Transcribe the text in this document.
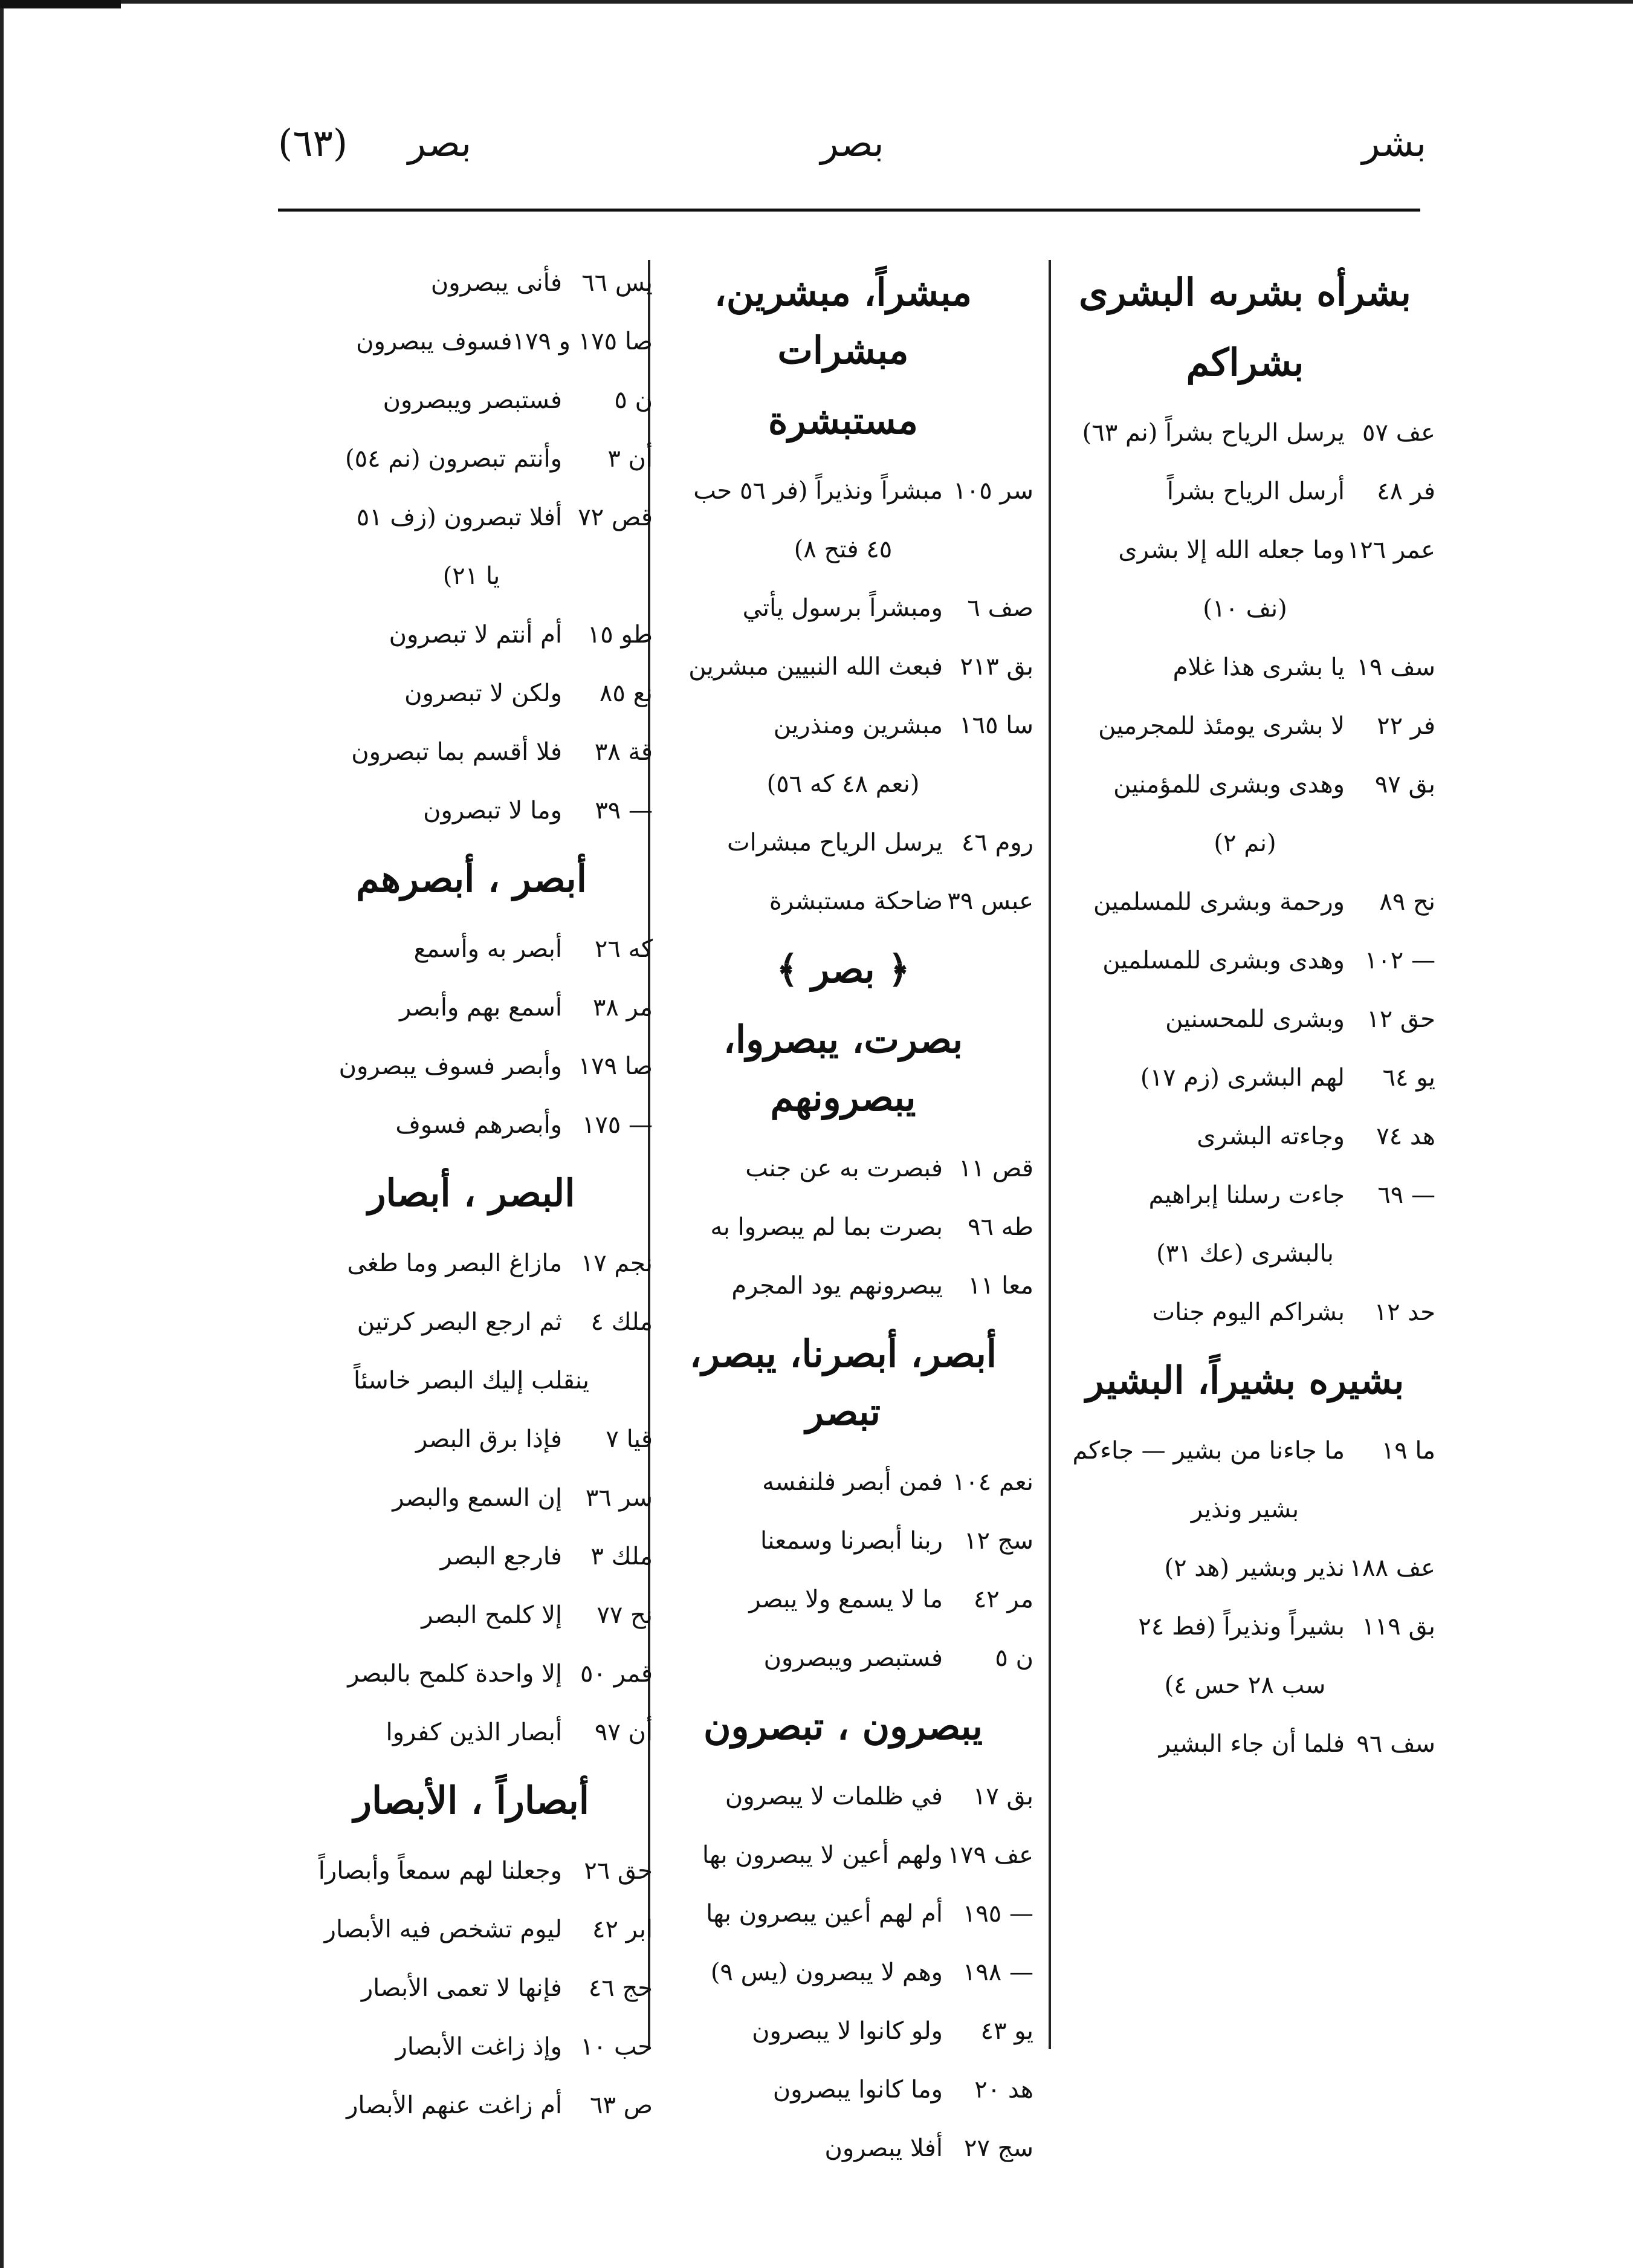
بشر
بصر
بصر (٦٣)
بشرأه بشرىه البشرى
بشراكم
عف ٥٧
يرسل الرياح بشراً (نم ٦٣)
فر ٤٨
أرسل الرياح بشراً
عمر ١٢٦
وما جعله الله إلا بشرى
(نف ١٠)
سف ١٩
يا بشرى هذا غلام
فر ٢٢
لا بشرى يومئذ للمجرمين
بق ٩٧
وهدى وبشرى للمؤمنين
(نم ٢)
نح ٨٩
ورحمة وبشرى للمسلمين
— ١٠٢
وهدى وبشرى للمسلمين
حق ١٢
وبشرى للمحسنين
يو ٦٤
لهم البشرى (زم ١٧)
هد ٧٤
وجاءته البشرى
— ٦٩
جاءت رسلنا إبراهيم
بالبشرى (عك ٣١)
حد ١٢
بشراكم اليوم جنات
بشيره بشيراً، البشير
ما ١٩
ما جاءنا من بشير — جاءكم
بشير ونذير
عف ١٨٨
نذير وبشير (هد ٢)
بق ١١٩
بشيراً ونذيراً (فط ٢٤
سب ٢٨ حس ٤)
سف ٩٦
فلما أن جاء البشير
مبشراً، مبشرين، مبشرات
مستبشرة
سر ١٠٥
مبشراً ونذيراً (فر ٥٦ حب
٤٥ فتح ٨)
صف ٦
ومبشراً برسول يأتي
بق ٢١٣
فبعث الله النبيين مبشرين
سا ١٦٥
مبشرين ومنذرين
(نعم ٤٨ كه ٥٦)
روم ٤٦
يرسل الرياح مبشرات
عبس ٣٩
ضاحكة مستبشرة
﴿ بصر ﴾
بصرت، يبصروا، يبصرونهم
قص ١١
فبصرت به عن جنب
طه ٩٦
بصرت بما لم يبصروا به
معا ١١
يبصرونهم يود المجرم
أبصر، أبصرنا، يبصر، تبصر
نعم ١٠٤
فمن أبصر فلنفسه
سج ١٢
ربنا أبصرنا وسمعنا
مر ٤٢
ما لا يسمع ولا يبصر
ن ٥
فستبصر ويبصرون
يبصرون ، تبصرون
بق ١٧
في ظلمات لا يبصرون
عف ١٧٩
ولهم أعين لا يبصرون بها
— ١٩٥
أم لهم أعين يبصرون بها
— ١٩٨
وهم لا يبصرون (يس ٩)
يو ٤٣
ولو كانوا لا يبصرون
هد ٢٠
وما كانوا يبصرون
سج ٢٧
أفلا يبصرون
يس ٦٦
فأنى يبصرون
صا ١٧٥ و ١٧٩
فسوف يبصرون
ن ٥
فستبصر ويبصرون
أن ٣
وأنتم تبصرون (نم ٥٤)
قص ٧٢
أفلا تبصرون (زف ٥١
يا ٢١)
طو ١٥
أم أنتم لا تبصرون
نع ٨٥
ولكن لا تبصرون
قة ٣٨
فلا أقسم بما تبصرون
— ٣٩
وما لا تبصرون
أبصر ، أبصرهم
كه ٢٦
أبصر به وأسمع
مر ٣٨
أسمع بهم وأبصر
صا ١٧٩
وأبصر فسوف يبصرون
— ١٧٥
وأبصرهم فسوف
البصر ، أبصار
نجم ١٧
مازاغ البصر وما طغى
ملك ٤
ثم ارجع البصر كرتين
ينقلب إليك البصر خاسئاً
قيا ٧
فإذا برق البصر
سر ٣٦
إن السمع والبصر
ملك ٣
فارجع البصر
نح ٧٧
إلا كلمح البصر
قمر ٥٠
إلا واحدة كلمح بالبصر
أن ٩٧
أبصار الذين كفروا
أبصاراً ، الأبصار
حق ٢٦
وجعلنا لهم سمعاً وأبصاراً
ابر ٤٢
ليوم تشخص فيه الأبصار
حج ٤٦
فإنها لا تعمى الأبصار
حب ١٠
وإذ زاغت الأبصار
ص ٦٣
أم زاغت عنهم الأبصار
